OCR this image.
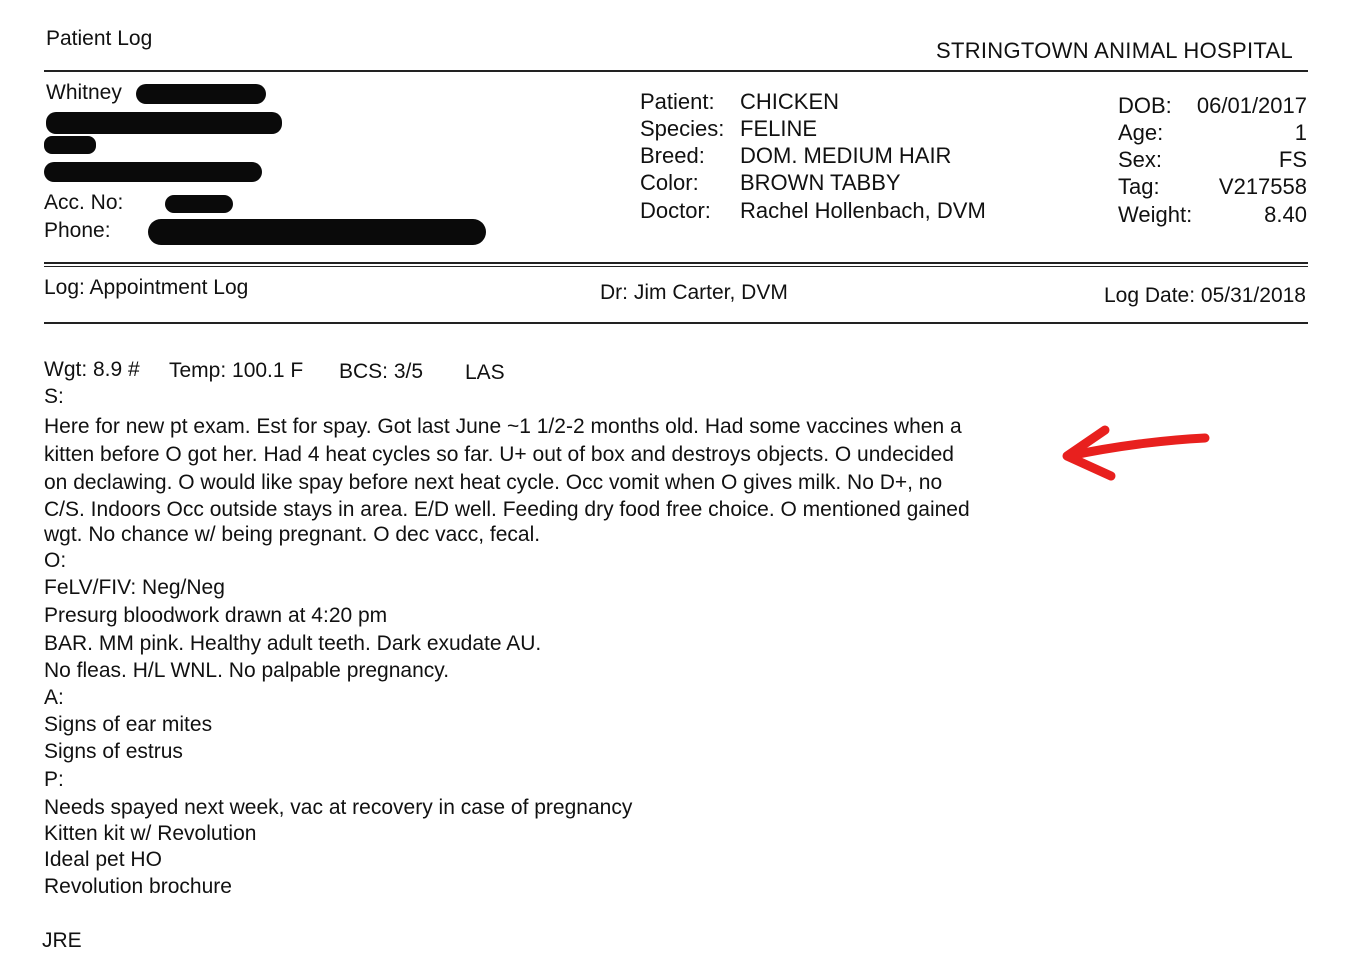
Patient Log	STRINGTOWN ANIMAL HOSPITAL
Whitney
Acc. No:
Phone:
Patient: CHICKEN
Species: FELINE
Breed: DOM. MEDIUM HAIR
Color: BROWN TABBY
Doctor: Rachel Hollenbach, DVM
DOB: 06/01/2017
Age:	1
Sex:	FS
Tag:	V217558
Weight:	8.40
Log: Appointment Log	Dr: Jim Carter, DVM	Log Date: 05/31/2018
Wgt: 8.9 # Temp: 100.1 F BCS: 3/5 LAS
S:
Here for new pt exam. Est for spay. Got last June ~1 1/2-2 months old. Had some vaccines when a
kitten before O got her. Had 4 heat cycles so far. U+ out of box and destroys objects. O undecided
on declawing. O would like spay before next heat cycle. Occ vomit when O gives milk. No D+, no
C/S. Indoors Occ outside stays in area. E/D well. Feeding dry food free choice. O mentioned gained
wgt. No chance w/ being pregnant. O dec vacc, fecal.
O:
FeLV/FIV: Neg/Neg
Presurg bloodwork drawn at 4:20 pm
BAR. MM pink. Healthy adult teeth. Dark exudate AU.
No fleas. H/L WNL. No palpable pregnancy.
A:
Signs of ear mites
Signs of estrus
P:
Needs spayed next week, vac at recovery in case of pregnancy
Kitten kit w/ Revolution
Ideal pet HO
Revolution brochure
JRE
